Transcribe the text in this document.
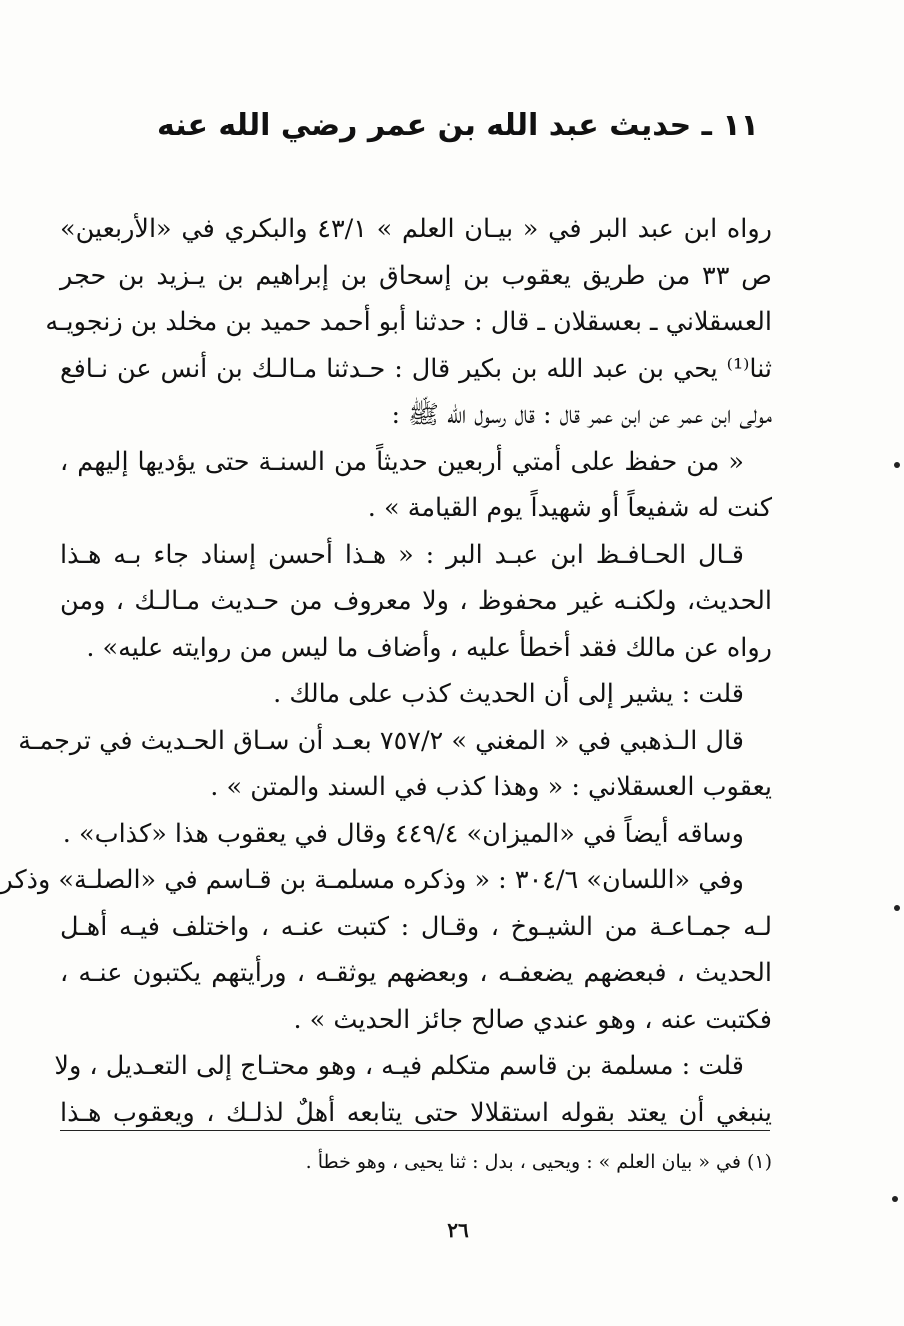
١١ ـ حديث عبد الله بن عمر رضي الله عنه
رواه ابن عبد البر في « بيـان العلم » ٤٣/١ والبكري في «الأربعين»
ص ٣٣ من طريق يعقوب بن إسحاق بن إبراهيم بن يـزيد بن حجر
العسقلاني ـ بعسقلان ـ قال : حدثنا أبو أحمد حميد بن مخلد بن زنجويـه
ثنا⁽¹⁾ يحي بن عبد الله بن بكير قال : حـدثنا مـالـك بن أنس عن نـافع
مولى ابن عمر عن ابن عمر قال : قال رسول الله ﷺ :
« من حفظ على أمتي أربعين حديثاً من السنـة حتى يؤديها إليهم ،
كنت له شفيعاً أو شهيداً يوم القيامة » .
قـال الحـافـظ ابن عبـد البر : « هـذا أحسن إسناد جاء بـه هـذا
الحديث، ولكنـه غير محفوظ ، ولا معروف من حـديث مـالـك ، ومن
رواه عن مالك فقد أخطأ عليه ، وأضاف ما ليس من روايته عليه» .
قلت : يشير إلى أن الحديث كذب على مالك .
قال الـذهبي في « المغني » ٧٥٧/٢ بعـد أن سـاق الحـديث في ترجمـة
يعقوب العسقلاني : « وهذا كذب في السند والمتن » .
وساقه أيضاً في «الميزان» ٤٤٩/٤ وقال في يعقوب هذا «كذاب» .
وفي «اللسان» ٣٠٤/٦ : « وذكره مسلمـة بن قـاسم في «الصلـة» وذكر
لـه جمـاعـة من الشيـوخ ، وقـال : كتبت عنـه ، واختلف فيـه أهـل
الحديث ، فبعضهم يضعفـه ، وبعضهم يوثقـه ، ورأيتهم يكتبون عنـه ،
فكتبت عنه ، وهو عندي صالح جائز الحديث » .
قلت : مسلمة بن قاسم متكلم فيـه ، وهو محتـاج إلى التعـديل ، ولا
ينبغي أن يعتد بقوله استقلالا حتى يتابعه أهلٌ لذلـك ، ويعقوب هـذا
(١) في « بيان العلم » : ويحيى ، بدل : ثنا يحيى ، وهو خطأ .
٢٦
